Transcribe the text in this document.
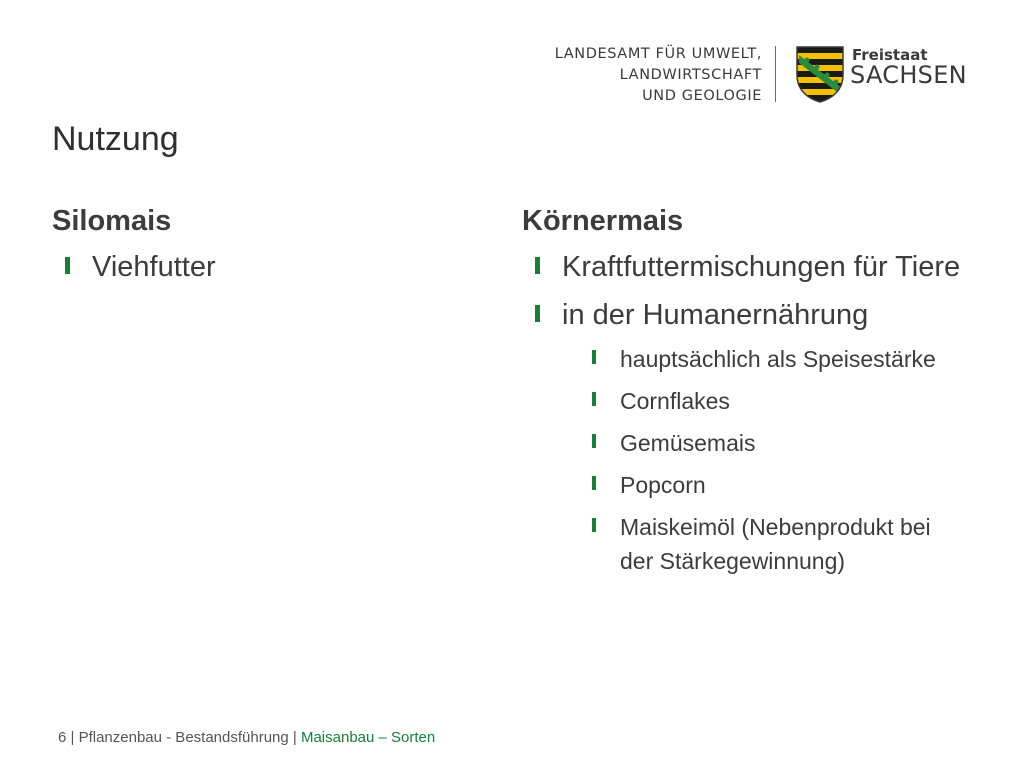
LANDESAMT FÜR UMWELT,
LANDWIRTSCHAFT
UND GEOLOGIE
Freistaat
SACHSEN
Nutzung
Silomais
Viehfutter
Körnermais
Kraftfuttermischungen für Tiere
in der Humanernährung
hauptsächlich als Speisestärke
Cornflakes
Gemüsemais
Popcorn
Maiskeimöl (Nebenprodukt bei der Stärkegewinnung)
6 | Pflanzenbau - Bestandsführung | Maisanbau – Sorten
